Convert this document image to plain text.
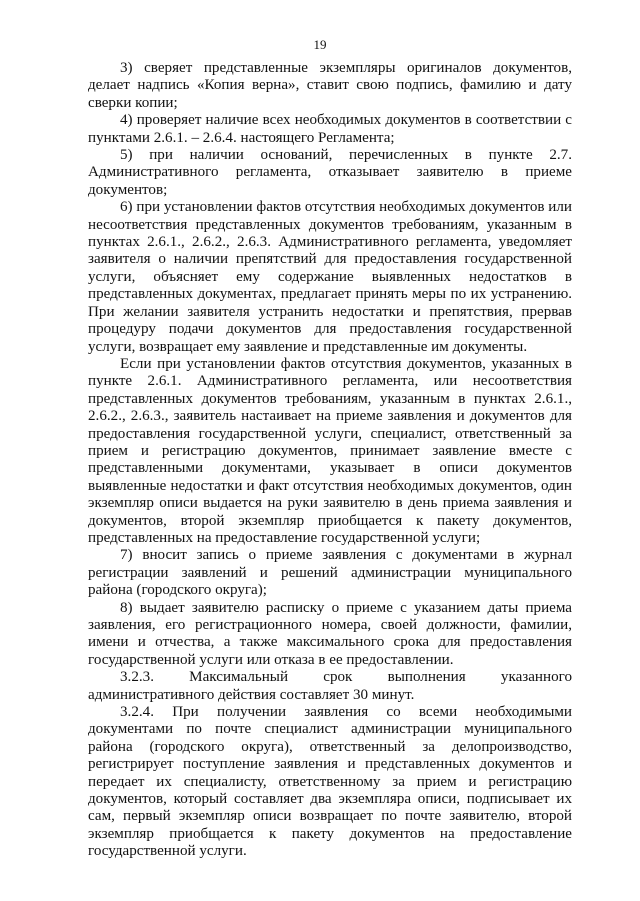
19

3) сверяет представленные экземпляры оригиналов документов, делает надпись «Копия верна», ставит свою подпись, фамилию и дату сверки копии;

4) проверяет наличие всех необходимых документов в соответствии с пунктами 2.6.1. – 2.6.4. настоящего Регламента;

5) при наличии оснований, перечисленных в пункте 2.7. Административного регламента, отказывает заявителю в приеме документов;

6) при установлении фактов отсутствия необходимых документов или несоответствия представленных документов требованиям, указанным в пунктах 2.6.1., 2.6.2., 2.6.3. Административного регламента, уведомляет заявителя о наличии препятствий для предоставления государственной услуги, объясняет ему содержание выявленных недостатков в представленных документах, предлагает принять меры по их устранению. При желании заявителя устранить недостатки и препятствия, прервав процедуру подачи документов для предоставления государственной услуги, возвращает ему заявление и представленные им документы.

Если при установлении фактов отсутствия документов, указанных в пункте 2.6.1. Административного регламента, или несоответствия представленных документов требованиям, указанным в пунктах 2.6.1., 2.6.2., 2.6.3., заявитель настаивает на приеме заявления и документов для предоставления государственной услуги, специалист, ответственный за прием и регистрацию документов, принимает заявление вместе с представленными документами, указывает в описи документов выявленные недостатки и факт отсутствия необходимых документов, один экземпляр описи выдается на руки заявителю в день приема заявления и документов, второй экземпляр приобщается к пакету документов, представленных на предоставление государственной услуги;

7) вносит запись о приеме заявления с документами в журнал регистрации заявлений и решений администрации муниципального района (городского округа);

8) выдает заявителю расписку о приеме с указанием даты приема заявления, его регистрационного номера, своей должности, фамилии, имени и отчества, а также максимального срока для предоставления государственной услуги или отказа в ее предоставлении.

3.2.3. Максимальный срок выполнения указанного административного действия составляет 30 минут.

3.2.4. При получении заявления со всеми необходимыми документами по почте специалист администрации муниципального района (городского округа), ответственный за делопроизводство, регистрирует поступление заявления и представленных документов и передает их специалисту, ответственному за прием и регистрацию документов, который составляет два экземпляра описи, подписывает их сам, первый экземпляр описи возвращает по почте заявителю, второй экземпляр приобщается к пакету документов на предоставление государственной услуги.
